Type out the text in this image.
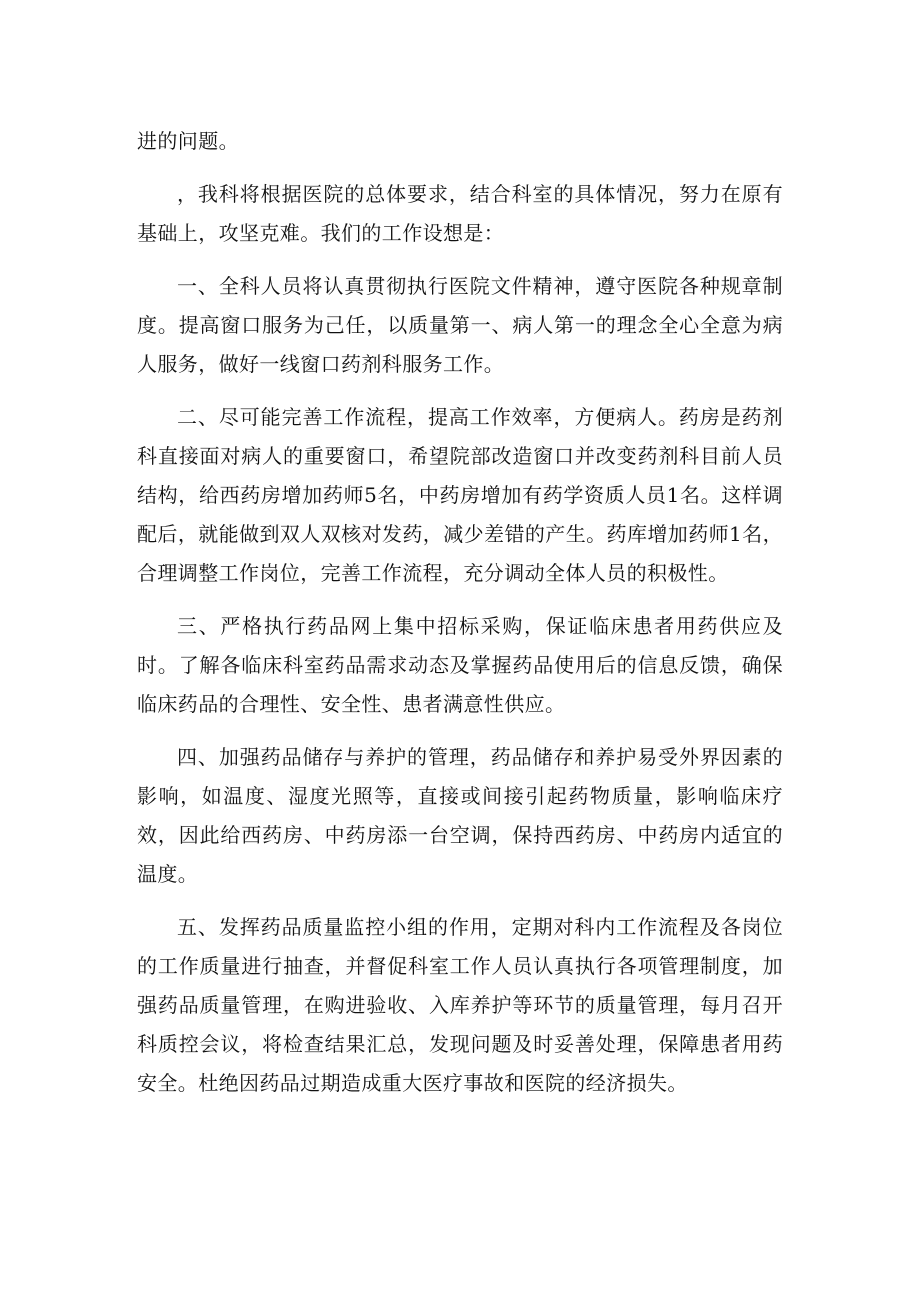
进的问题。

，我科将根据医院的总体要求，结合科室的具体情况，努力在原有基础上，攻坚克难。我们的工作设想是：

一、全科人员将认真贯彻执行医院文件精神，遵守医院各种规章制度。提高窗口服务为己任，以质量第一、病人第一的理念全心全意为病人服务，做好一线窗口药剂科服务工作。

二、尽可能完善工作流程，提高工作效率，方便病人。药房是药剂科直接面对病人的重要窗口，希望院部改造窗口并改变药剂科目前人员结构，给西药房增加药师5名，中药房增加有药学资质人员1名。这样调配后，就能做到双人双核对发药，减少差错的产生。药库增加药师1名，合理调整工作岗位，完善工作流程，充分调动全体人员的积极性。

三、严格执行药品网上集中招标采购，保证临床患者用药供应及时。了解各临床科室药品需求动态及掌握药品使用后的信息反馈，确保临床药品的合理性、安全性、患者满意性供应。

四、加强药品储存与养护的管理，药品储存和养护易受外界因素的影响，如温度、湿度光照等，直接或间接引起药物质量，影响临床疗效，因此给西药房、中药房添一台空调，保持西药房、中药房内适宜的温度。

五、发挥药品质量监控小组的作用，定期对科内工作流程及各岗位的工作质量进行抽查，并督促科室工作人员认真执行各项管理制度，加强药品质量管理，在购进验收、入库养护等环节的质量管理，每月召开科质控会议，将检查结果汇总，发现问题及时妥善处理，保障患者用药安全。杜绝因药品过期造成重大医疗事故和医院的经济损失。
